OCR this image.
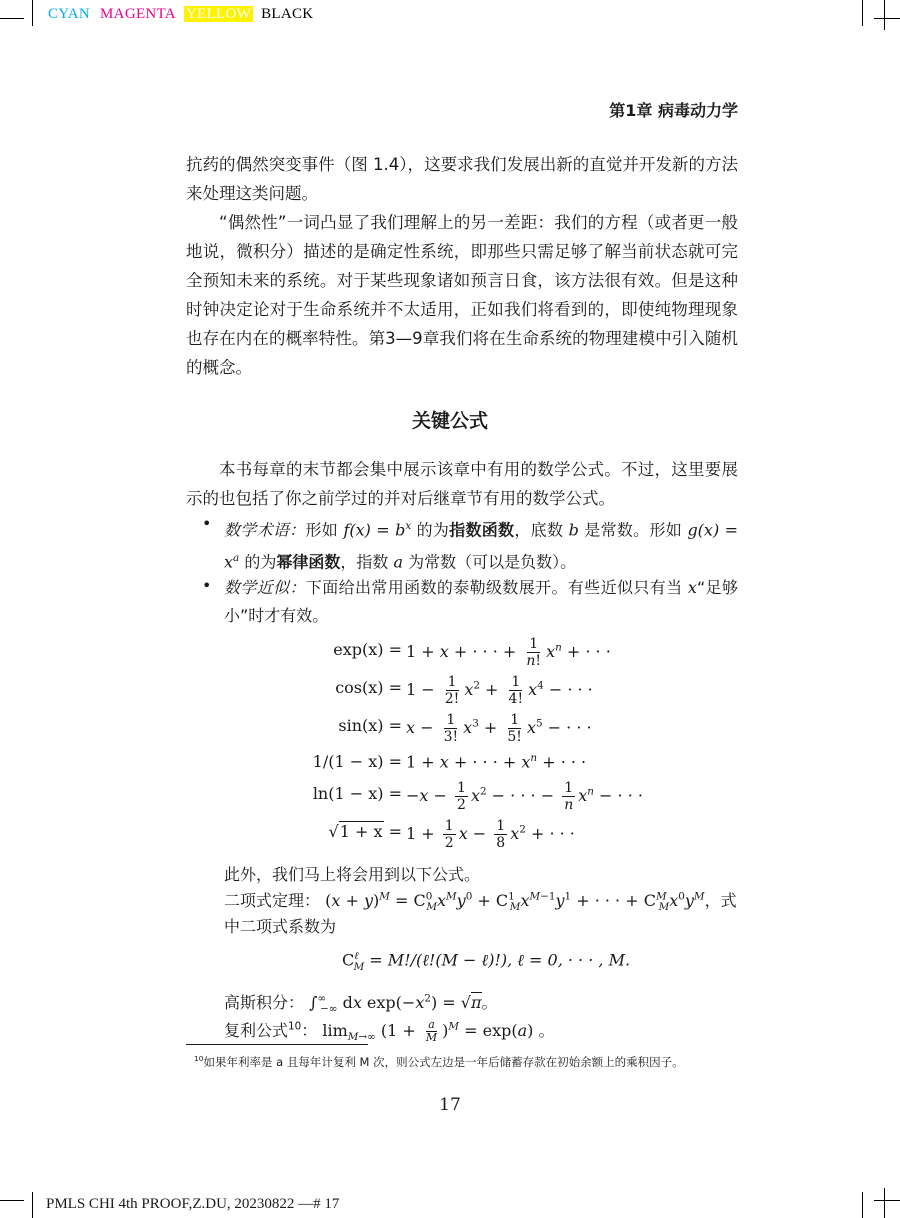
CYAN MAGENTA YELLOW BLACK
第1章 病毒动力学
抗药的偶然突变事件（图 1.4），这要求我们发展出新的直觉并开发新的方法来处理这类问题。
“偶然性”一词凸显了我们理解上的另一差距：我们的方程（或者更一般地说，微积分）描述的是确定性系统，即那些只需足够了解当前状态就可完全预知未来的系统。对于某些现象诸如预言日食，该方法很有效。但是这种时钟决定论对于生命系统并不太适用，正如我们将看到的，即使纯物理现象也存在内在的概率特性。第3—9章我们将在生命系统的物理建模中引入随机的概念。
关键公式
本书每章的末节都会集中展示该章中有用的数学公式。不过，这里要展示的也包括了你之前学过的并对后继章节有用的数学公式。
• 数学术语：形如 $f(x) = b^x$ 的为指数函数，底数 b 是常数。形如 $g(x) = x^a$ 的为幂律函数，指数 a 为常数（可以是负数）。
• 数学近似：下面给出常用函数的泰勒级数展开。有些近似只有当 x“足够小”时才有效。
exp(x) = 1 + x + · · · + $\frac{1}{n!} x^n$ + · · ·
$\cos(x) = 1 - \frac{1}{2!} x^2 + \frac{1}{4!} x^4$ − · · ·
$\sin(x) = x - \frac{1}{3!} x^3 + \frac{1}{5!} x^5$ − · · ·
1/(1 − x) = 1 + x + · · · + $x^n$ + · · ·
$\ln(1 - x) = -x - \frac{1}{2} x^2$ − · · · − $\frac{1}{n} x^n$ − · · ·
$√1 + x = 1 + \frac{1}{2}$ $x - \frac{1}{8} x^2$ + · · ·
此外，我们马上将会用到以下公式。
二项式定理： $(x + y)^M = C^0_Mx^My^0 + C^1_Mx^{M-1}y^1$ + · · · + $C^M_Mx^0y^M$，式
中二项式系数为
$C^\ell_M$ = M!/(ℓ!(M − ℓ)!), ℓ = 0, · · · , M.
高斯积分： $\int^\infty_{-\infty}$ dx $\exp(-x^2) = √\pi$。
复利公式$^{10}$： $\lim_{M\to\infty} (1 + \frac{a}{M} )^M = \exp(a)$ 。
$^{10}$如果年利率是 a 且每年计复利 M 次，则公式左边是一年后储蓄存款在初始余额上的乘积因子。
17
PMLS CHI 4th PROOF,Z.DU, 20230822 —# 17
